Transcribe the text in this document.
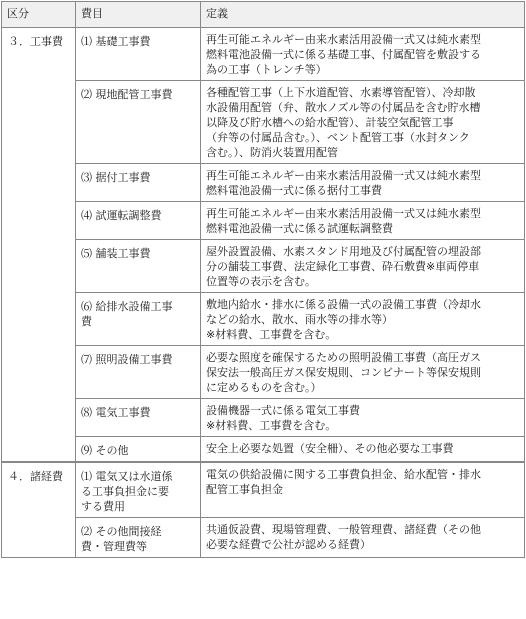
区分	費目	定義
３．工事費	⑴ 基礎工事費	再生可能エネルギー由来水素活用設備一式又は純水素型
燃料電池設備一式に係る基礎工事、付属配管を敷設する
為の工事（トレンチ等）

	⑵ 現地配管工事費	各種配管工事（上下水道配管、水素導管配管）、冷却散
水設備用配管（弁、散水ノズル等の付属品を含む貯水槽
以降及び貯水槽への給水配管）、計装空気配管工事
（弁等の付属品含む。）、ベント配管工事（水封タンク
含む。）、防消火装置用配管

	⑶ 据付工事費	再生可能エネルギー由来水素活用設備一式又は純水素型
燃料電池設備一式に係る据付工事費

	⑷ 試運転調整費	再生可能エネルギー由来水素活用設備一式又は純水素型
燃料電池設備一式に係る試運転調整費

	⑸ 舗装工事費	屋外設置設備、水素スタンド用地及び付属配管の埋設部
分の舗装工事費、法定緑化工事費、砕石敷費※車両停車
位置等の表示を含む。

	⑹ 給排水設備工事
費	敷地内給水・排水に係る設備一式の設備工事費（冷却水
などの給水、散水、雨水等の排水等）
※材料費、工事費を含む。

	⑺ 照明設備工事費	必要な照度を確保するための照明設備工事費（高圧ガス
保安法一般高圧ガス保安規則、コンビナート等保安規則
に定めるものを含む。）

	⑻ 電気工事費	設備機器一式に係る電気工事費
※材料費、工事費を含む。

	⑼ その他	安全上必要な処置（安全柵）、その他必要な工事費

４．諸経費	⑴ 電気又は水道係
る工事負担金に要
する費用	電気の供給設備に関する工事費負担金、給水配管・排水
配管工事負担金

	⑵ その他間接経
費・管理費等	共通仮設費、現場管理費、一般管理費、諸経費（その他
必要な経費で公社が認める経費）
